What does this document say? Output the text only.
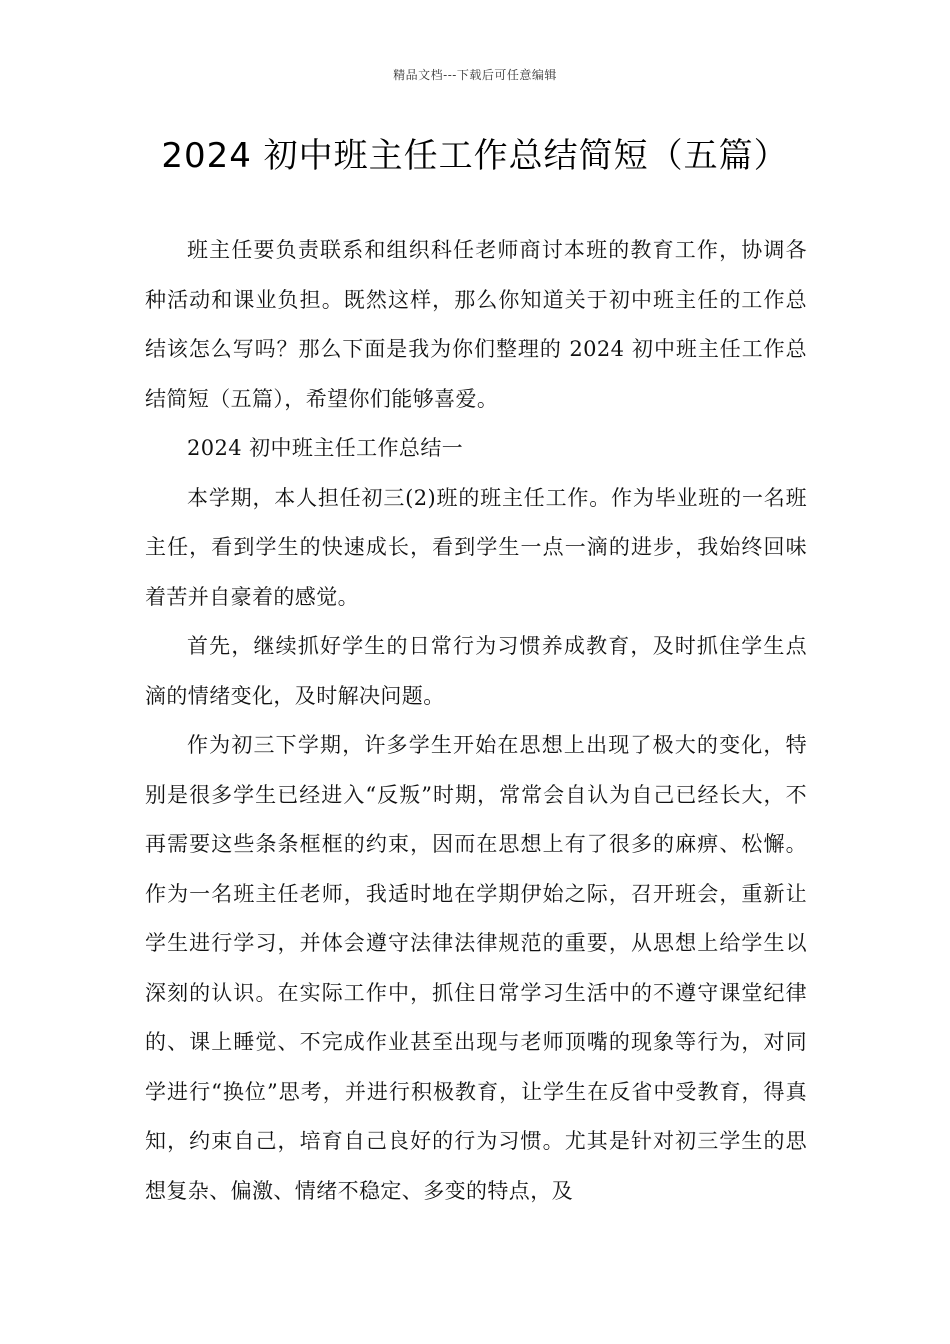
精品文档---下载后可任意编辑
2024 初中班主任工作总结简短（五篇）

班主任要负责联系和组织科任老师商讨本班的教育工作，协调各种活动和课业负担。既然这样，那么你知道关于初中班主任的工作总结该怎么写吗？那么下面是我为你们整理的 2024 初中班主任工作总结简短（五篇），希望你们能够喜爱。

2024 初中班主任工作总结一

本学期，本人担任初三(2)班的班主任工作。作为毕业班的一名班主任，看到学生的快速成长，看到学生一点一滴的进步，我始终回味着苦并自豪着的感觉。

首先，继续抓好学生的日常行为习惯养成教育，及时抓住学生点滴的情绪变化，及时解决问题。

作为初三下学期，许多学生开始在思想上出现了极大的变化，特别是很多学生已经进入“反叛”时期，常常会自认为自己已经长大，不再需要这些条条框框的约束，因而在思想上有了很多的麻痹、松懈。作为一名班主任老师，我适时地在学期伊始之际，召开班会，重新让学生进行学习，并体会遵守法律法律规范的重要，从思想上给学生以深刻的认识。在实际工作中，抓住日常学习生活中的不遵守课堂纪律的、课上睡觉、不完成作业甚至出现与老师顶嘴的现象等行为，对同学进行“换位”思考，并进行积极教育，让学生在反省中受教育，得真知，约束自己，培育自己良好的行为习惯。尤其是针对初三学生的思想复杂、偏激、情绪不稳定、多变的特点，及
